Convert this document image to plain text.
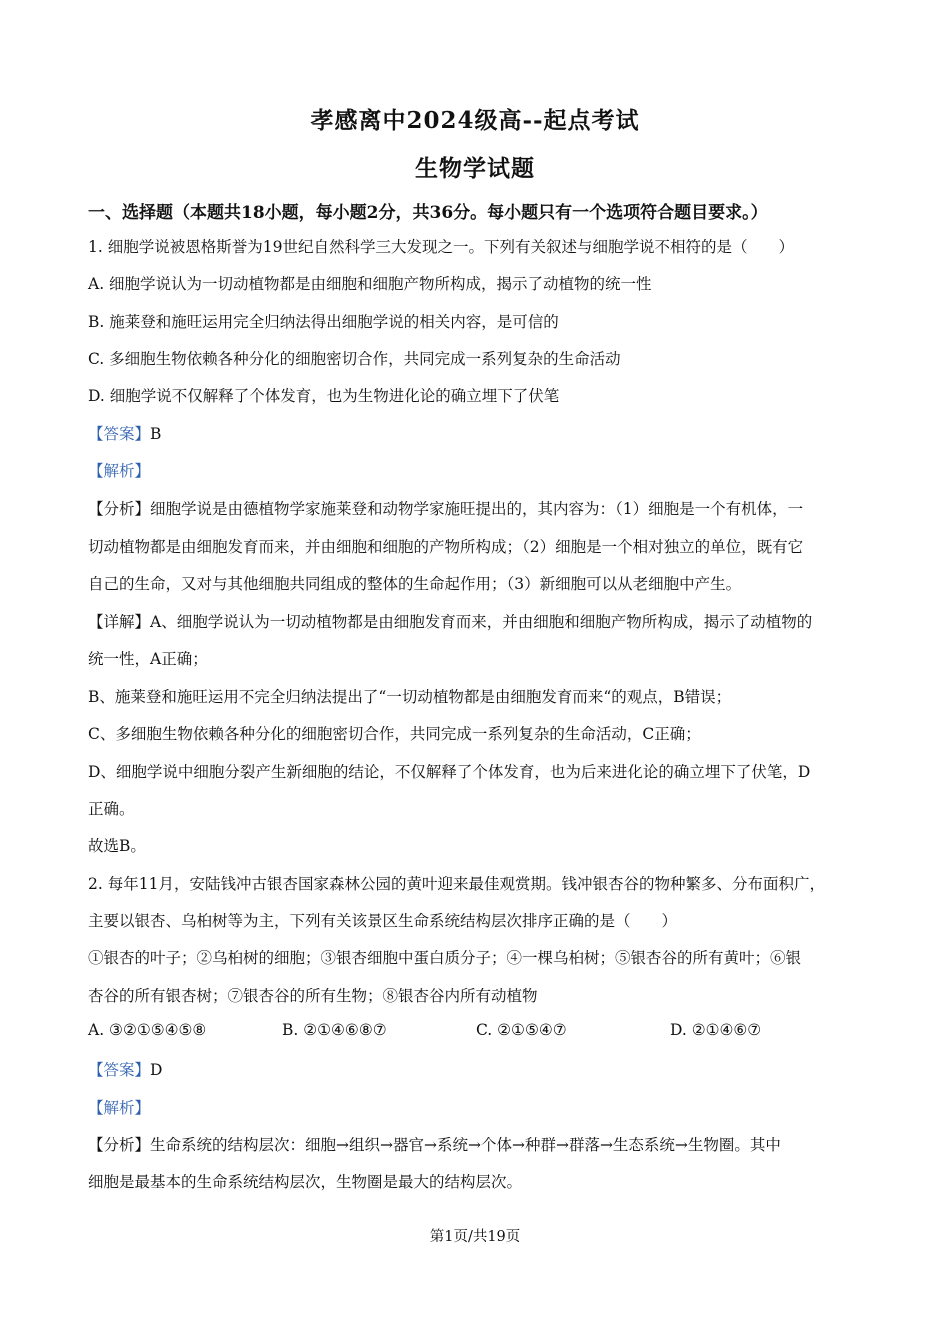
孝感离中2024级高--起点考试
生物学试题
一、选择题（本题共18小题，每小题2分，共36分。每小题只有一个选项符合题目要求。）
1. 细胞学说被恩格斯誉为19世纪自然科学三大发现之一。下列有关叙述与细胞学说不相符的是（　　）
A. 细胞学说认为一切动植物都是由细胞和细胞产物所构成，揭示了动植物的统一性
B. 施莱登和施旺运用完全归纳法得出细胞学说的相关内容，是可信的
C. 多细胞生物依赖各种分化的细胞密切合作，共同完成一系列复杂的生命活动
D. 细胞学说不仅解释了个体发育，也为生物进化论的确立埋下了伏笔
【答案】B
【解析】
【分析】细胞学说是由德植物学家施莱登和动物学家施旺提出的，其内容为：（1）细胞是一个有机体，一
切动植物都是由细胞发育而来，并由细胞和细胞的产物所构成；（2）细胞是一个相对独立的单位，既有它
自己的生命，又对与其他细胞共同组成的整体的生命起作用；（3）新细胞可以从老细胞中产生。
【详解】A、细胞学说认为一切动植物都是由细胞发育而来，并由细胞和细胞产物所构成，揭示了动植物的
统一性，A正确；
B、施莱登和施旺运用不完全归纳法提出了“一切动植物都是由细胞发育而来“的观点，B错误；
C、多细胞生物依赖各种分化的细胞密切合作，共同完成一系列复杂的生命活动，C正确；
D、细胞学说中细胞分裂产生新细胞的结论，不仅解释了个体发育，也为后来进化论的确立埋下了伏笔，D
正确。
故选B。
2. 每年11月，安陆钱冲古银杏国家森林公园的黄叶迎来最佳观赏期。钱冲银杏谷的物种繁多、分布面积广，
主要以银杏、乌桕树等为主，下列有关该景区生命系统结构层次排序正确的是（　　）
①银杏的叶子；②乌桕树的细胞；③银杏细胞中蛋白质分子；④一棵乌桕树；⑤银杏谷的所有黄叶；⑥银
杏谷的所有银杏树；⑦银杏谷的所有生物；⑧银杏谷内所有动植物
A. ③②①⑤④⑤⑧	B. ②①④⑥⑧⑦	C. ②①⑤④⑦	D. ②①④⑥⑦
【答案】D
【解析】
【分析】生命系统的结构层次：细胞→组织→器官→系统→个体→种群→群落→生态系统→生物圈。其中
细胞是最基本的生命系统结构层次，生物圈是最大的结构层次。
第1页/共19页
